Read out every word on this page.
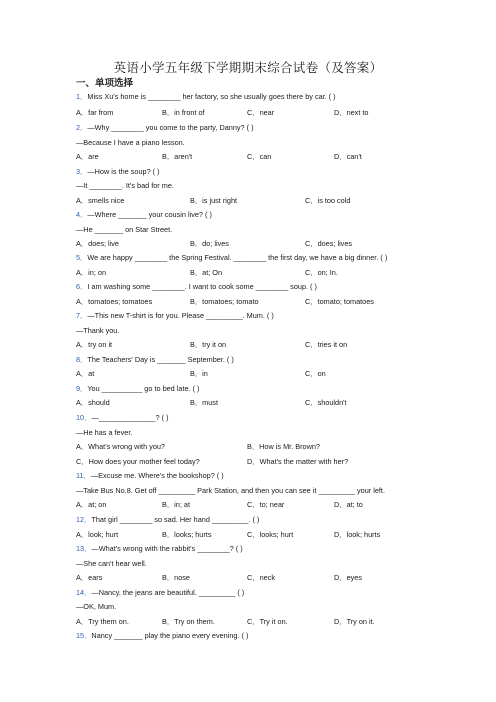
英语小学五年级下学期期末综合试卷（及答案）
一、单项选择
1．Miss Xu's home is ________ her factory, so she usually goes there by car. ( )
A．far from	B．in front of	C．near	D．next to
2．—Why ________ you come to the party, Danny? ( )
—Because I have a piano lesson.
A．are	B．aren't	C．can	D．can't
3．—How is the soup? ( )
—It ________. It's bad for me.
A．smells nice	B．is just right	C．is too cold
4．—Where _______ your cousin live? ( )
—He _______ on Star Street.
A．does; live	B．do; lives	C．does; lives
5．We are happy ________ the Spring Festival. ________ the first day, we have a big dinner. ( )
A．in; on	B．at; On	C．on; In.
6．I am washing some ________. I want to cook some ________ soup. ( )
A．tomatoes; tomatoes	B．tomatoes; tomato	C．tomato; tomatoes
7．—This new T-shirt is for you. Please _________. Mum. ( )
—Thank you.
A．try on it	B．try it on	C．tries it on
8．The Teachers' Day is _______ September. ( )
A．at	B．in	C．on
9．You __________ go to bed late. ( )
A．should	B．must	C．shouldn't
10．—______________? ( )
—He has a fever.
A．What's wrong with you?	B．How is Mr. Brown?
C．How does your mother feel today?	D．What's the matter with her?
11．—Excuse me. Where's the bookshop? ( )
—Take Bus No.8. Get off _________ Park Station, and then you can see it _________ your left.
A．at; on	B．in; at	C．to; near	D．at; to
12．That girl ________ so sad. Her hand _________. ( )
A．look; hurt	B．looks; hurts	C．looks; hurt	D．look; hurts
13．—What's wrong with the rabbit's ________? ( )
—She can't hear well.
A．ears	B．nose	C．neck	D．eyes
14．—Nancy, the jeans are beautiful. _________ ( )
—OK, Mum.
A．Try them on.	B．Try on them.	C．Try it on.	D．Try on it.
15．Nancy _______ play the piano every evening. ( )
